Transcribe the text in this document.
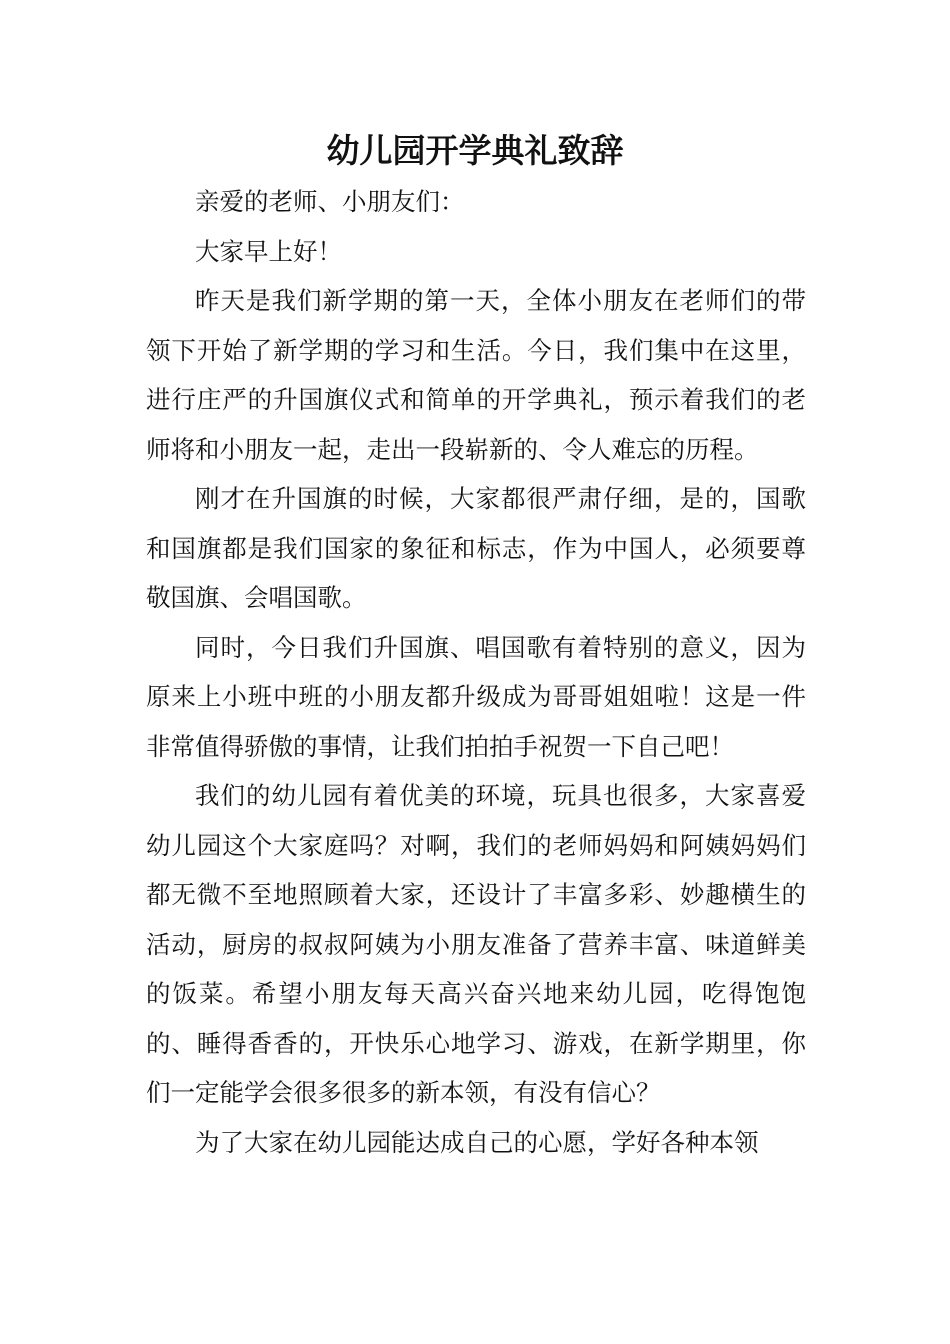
幼儿园开学典礼致辞

亲爱的老师、小朋友们：

大家早上好！

昨天是我们新学期的第一天，全体小朋友在老师们的带领下开始了新学期的学习和生活。今日，我们集中在这里，进行庄严的升国旗仪式和简单的开学典礼，预示着我们的老师将和小朋友一起，走出一段崭新的、令人难忘的历程。

刚才在升国旗的时候，大家都很严肃仔细，是的，国歌和国旗都是我们国家的象征和标志，作为中国人，必须要尊敬国旗、会唱国歌。

同时，今日我们升国旗、唱国歌有着特别的意义，因为原来上小班中班的小朋友都升级成为哥哥姐姐啦！这是一件非常值得骄傲的事情，让我们拍拍手祝贺一下自己吧！

我们的幼儿园有着优美的环境，玩具也很多，大家喜爱幼儿园这个大家庭吗？对啊，我们的老师妈妈和阿姨妈妈们都无微不至地照顾着大家，还设计了丰富多彩、妙趣横生的活动，厨房的叔叔阿姨为小朋友准备了营养丰富、味道鲜美的饭菜。希望小朋友每天高兴奋兴地来幼儿园，吃得饱饱的、睡得香香的，开快乐心地学习、游戏，在新学期里，你们一定能学会很多很多的新本领，有没有信心？

为了大家在幼儿园能达成自己的心愿，学好各种本领
